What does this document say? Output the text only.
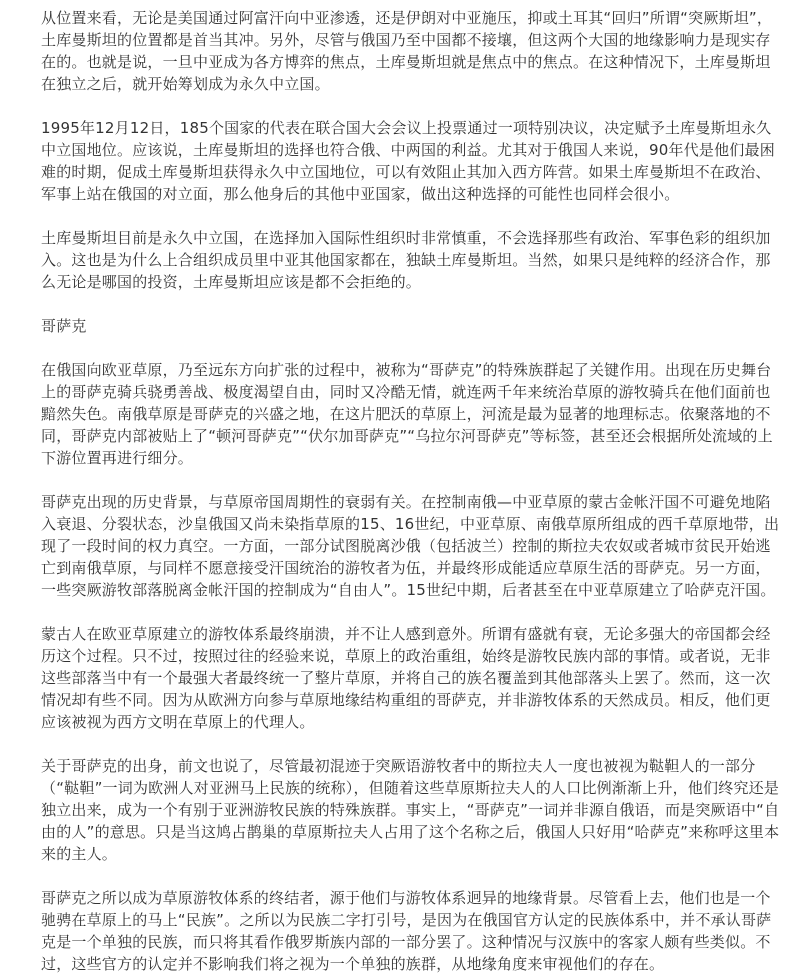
从位置来看，无论是美国通过阿富汗向中亚渗透，还是伊朗对中亚施压，抑或土耳其“回归”所谓“突厥斯坦”，土库曼斯坦的位置都是首当其冲。另外，尽管与俄国乃至中国都不接壤，但这两个大国的地缘影响力是现实存在的。也就是说，一旦中亚成为各方博弈的焦点，土库曼斯坦就是焦点中的焦点。在这种情况下，土库曼斯坦在独立之后，就开始筹划成为永久中立国。

1995年12月12日，185个国家的代表在联合国大会会议上投票通过一项特别决议，决定赋予土库曼斯坦永久中立国地位。应该说，土库曼斯坦的选择也符合俄、中两国的利益。尤其对于俄国人来说，90年代是他们最困难的时期，促成土库曼斯坦获得永久中立国地位，可以有效阻止其加入西方阵营。如果土库曼斯坦不在政治、军事上站在俄国的对立面，那么他身后的其他中亚国家，做出这种选择的可能性也同样会很小。

土库曼斯坦目前是永久中立国，在选择加入国际性组织时非常慎重，不会选择那些有政治、军事色彩的组织加入。这也是为什么上合组织成员里中亚其他国家都在，独缺土库曼斯坦。当然，如果只是纯粹的经济合作，那么无论是哪国的投资，土库曼斯坦应该是都不会拒绝的。

哥萨克

在俄国向欧亚草原，乃至远东方向扩张的过程中，被称为“哥萨克”的特殊族群起了关键作用。出现在历史舞台上的哥萨克骑兵骁勇善战、极度渴望自由，同时又冷酷无情，就连两千年来统治草原的游牧骑兵在他们面前也黯然失色。南俄草原是哥萨克的兴盛之地，在这片肥沃的草原上，河流是最为显著的地理标志。依聚落地的不同，哥萨克内部被贴上了“顿河哥萨克”“伏尔加哥萨克”“乌拉尔河哥萨克”等标签，甚至还会根据所处流域的上下游位置再进行细分。

哥萨克出现的历史背景，与草原帝国周期性的衰弱有关。在控制南俄—中亚草原的蒙古金帐汗国不可避免地陷入衰退、分裂状态，沙皇俄国又尚未染指草原的15、16世纪，中亚草原、南俄草原所组成的西千草原地带，出现了一段时间的权力真空。一方面，一部分试图脱离沙俄（包括波兰）控制的斯拉夫农奴或者城市贫民开始逃亡到南俄草原，与同样不愿意接受汗国统治的游牧者为伍，并最终形成能适应草原生活的哥萨克。另一方面，一些突厥游牧部落脱离金帐汗国的控制成为“自由人”。15世纪中期，后者甚至在中亚草原建立了哈萨克汗国。

蒙古人在欧亚草原建立的游牧体系最终崩溃，并不让人感到意外。所谓有盛就有衰，无论多强大的帝国都会经历这个过程。只不过，按照过往的经验来说，草原上的政治重组，始终是游牧民族内部的事情。或者说，无非这些部落当中有一个最强大者最终统一了整片草原，并将自己的族名覆盖到其他部落头上罢了。然而，这一次情况却有些不同。因为从欧洲方向参与草原地缘结构重组的哥萨克，并非游牧体系的天然成员。相反，他们更应该被视为西方文明在草原上的代理人。

关于哥萨克的出身，前文也说了，尽管最初混迹于突厥语游牧者中的斯拉夫人一度也被视为鞑靼人的一部分（“鞑靼”一词为欧洲人对亚洲马上民族的统称），但随着这些草原斯拉夫人的人口比例渐渐上升，他们终究还是独立出来，成为一个有别于亚洲游牧民族的特殊族群。事实上，“哥萨克”一词并非源自俄语，而是突厥语中“自由的人”的意思。只是当这鸠占鹊巢的草原斯拉夫人占用了这个名称之后，俄国人只好用“哈萨克”来称呼这里本来的主人。

哥萨克之所以成为草原游牧体系的终结者，源于他们与游牧体系迥异的地缘背景。尽管看上去，他们也是一个驰骋在草原上的马上“民族”。之所以为民族二字打引号，是因为在俄国官方认定的民族体系中，并不承认哥萨克是一个单独的民族，而只将其看作俄罗斯族内部的一部分罢了。这种情况与汉族中的客家人颇有些类似。不过，这些官方的认定并不影响我们将之视为一个单独的族群，从地缘角度来审视他们的存在。
